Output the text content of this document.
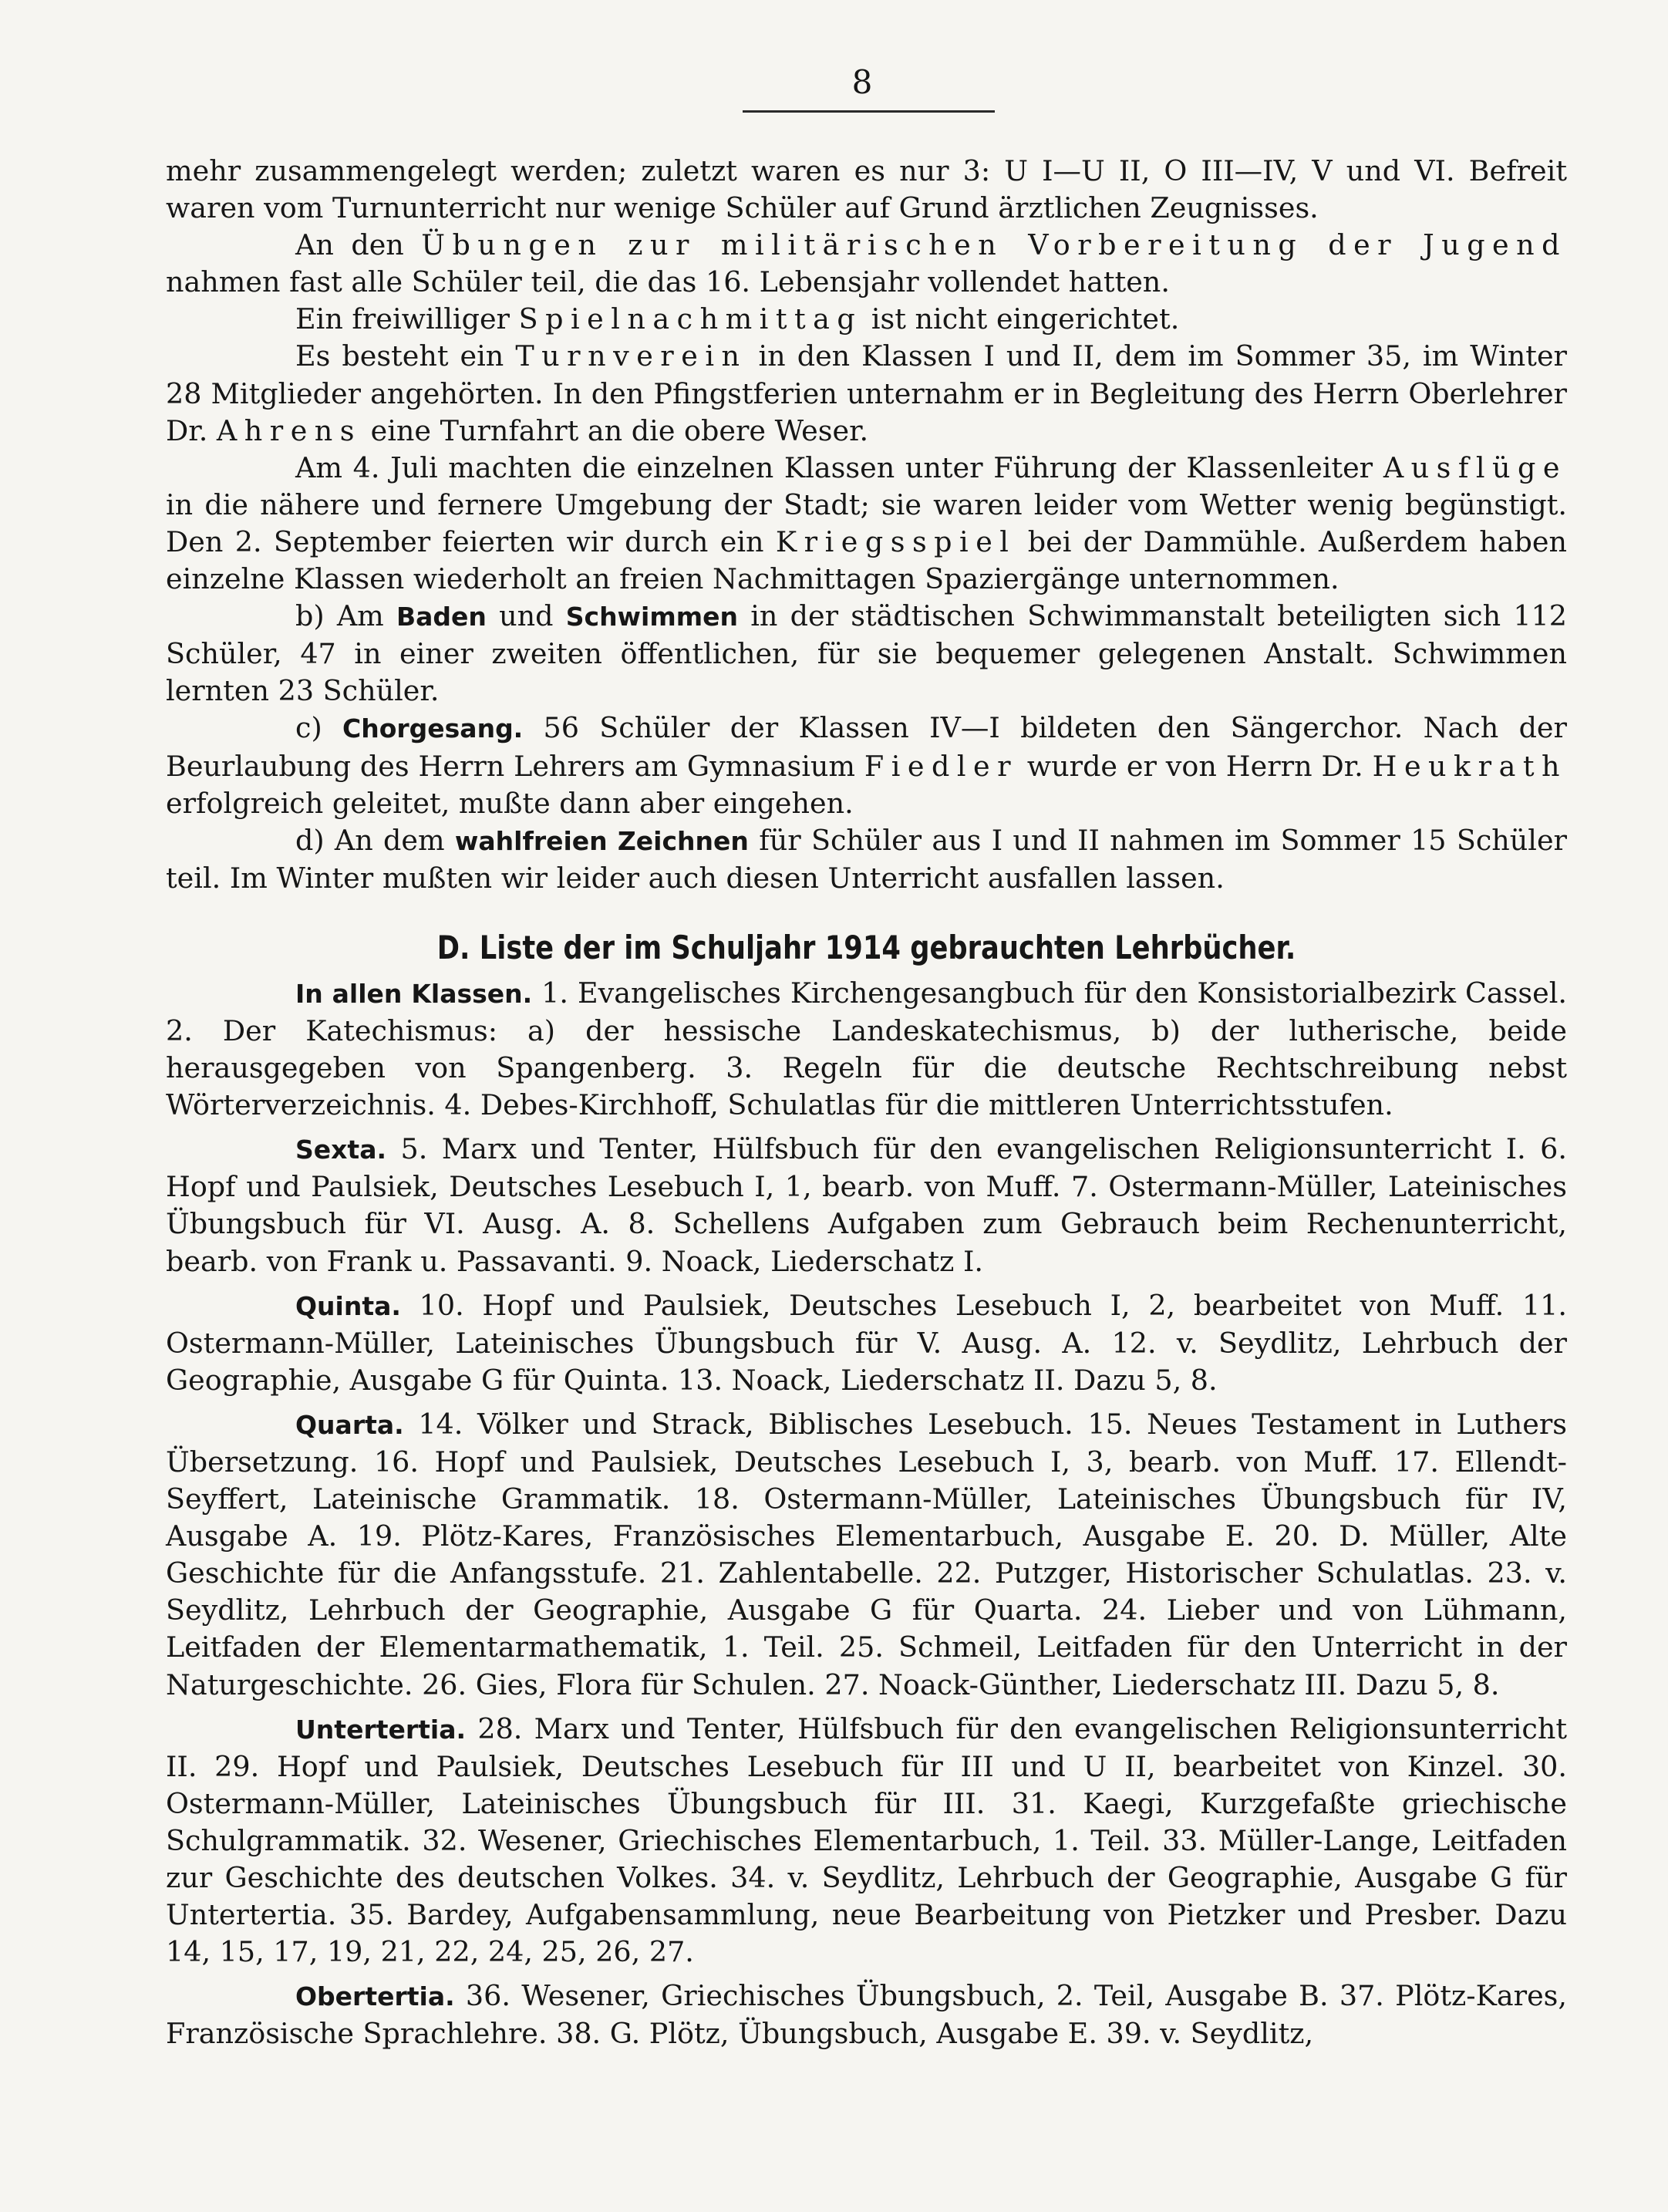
8

mehr zusammengelegt werden; zuletzt waren es nur 3: U I—U II, O III—IV, V und VI. Befreit waren vom Turnunterricht nur wenige Schüler auf Grund ärztlichen Zeugnisses.

An den Übungen zur militärischen Vorbereitung der Jugend nahmen fast alle Schüler teil, die das 16. Lebensjahr vollendet hatten.

Ein freiwilliger Spielnachmittag ist nicht eingerichtet.

Es besteht ein Turnverein in den Klassen I und II, dem im Sommer 35, im Winter 28 Mitglieder angehörten. In den Pfingstferien unternahm er in Begleitung des Herrn Oberlehrer Dr. Ahrens eine Turnfahrt an die obere Weser.

Am 4. Juli machten die einzelnen Klassen unter Führung der Klassenleiter Ausflüge in die nähere und fernere Umgebung der Stadt; sie waren leider vom Wetter wenig begünstigt. Den 2. September feierten wir durch ein Kriegsspiel bei der Dammühle. Außerdem haben einzelne Klassen wiederholt an freien Nachmittagen Spaziergänge unternommen.

b) Am Baden und Schwimmen in der städtischen Schwimmanstalt beteiligten sich 112 Schüler, 47 in einer zweiten öffentlichen, für sie bequemer gelegenen Anstalt. Schwimmen lernten 23 Schüler.

c) Chorgesang. 56 Schüler der Klassen IV—I bildeten den Sängerchor. Nach der Beurlaubung des Herrn Lehrers am Gymnasium Fiedler wurde er von Herrn Dr. Heukrath erfolgreich geleitet, mußte dann aber eingehen.

d) An dem wahlfreien Zeichnen für Schüler aus I und II nahmen im Sommer 15 Schüler teil. Im Winter mußten wir leider auch diesen Unterricht ausfallen lassen.

D. Liste der im Schuljahr 1914 gebrauchten Lehrbücher.

In allen Klassen. 1. Evangelisches Kirchengesangbuch für den Konsistorialbezirk Cassel. 2. Der Katechismus: a) der hessische Landeskatechismus, b) der lutherische, beide herausgegeben von Spangenberg. 3. Regeln für die deutsche Rechtschreibung nebst Wörterverzeichnis. 4. Debes-Kirchhoff, Schulatlas für die mittleren Unterrichtsstufen.

Sexta. 5. Marx und Tenter, Hülfsbuch für den evangelischen Religionsunterricht I. 6. Hopf und Paulsiek, Deutsches Lesebuch I, 1, bearb. von Muff. 7. Ostermann-Müller, Lateinisches Übungsbuch für VI. Ausg. A. 8. Schellens Aufgaben zum Gebrauch beim Rechenunterricht, bearb. von Frank u. Passavanti. 9. Noack, Liederschatz I.

Quinta. 10. Hopf und Paulsiek, Deutsches Lesebuch I, 2, bearbeitet von Muff. 11. Ostermann-Müller, Lateinisches Übungsbuch für V. Ausg. A. 12. v. Seydlitz, Lehrbuch der Geographie, Ausgabe G für Quinta. 13. Noack, Liederschatz II. Dazu 5, 8.

Quarta. 14. Völker und Strack, Biblisches Lesebuch. 15. Neues Testament in Luthers Übersetzung. 16. Hopf und Paulsiek, Deutsches Lesebuch I, 3, bearb. von Muff. 17. Ellendt-Seyffert, Lateinische Grammatik. 18. Ostermann-Müller, Lateinisches Übungsbuch für IV, Ausgabe A. 19. Plötz-Kares, Französisches Elementarbuch, Ausgabe E. 20. D. Müller, Alte Geschichte für die Anfangsstufe. 21. Zahlentabelle. 22. Putzger, Historischer Schulatlas. 23. v. Seydlitz, Lehrbuch der Geographie, Ausgabe G für Quarta. 24. Lieber und von Lühmann, Leitfaden der Elementarmathematik, 1. Teil. 25. Schmeil, Leitfaden für den Unterricht in der Naturgeschichte. 26. Gies, Flora für Schulen. 27. Noack-Günther, Liederschatz III. Dazu 5, 8.

Untertertia. 28. Marx und Tenter, Hülfsbuch für den evangelischen Religionsunterricht II. 29. Hopf und Paulsiek, Deutsches Lesebuch für III und U II, bearbeitet von Kinzel. 30. Ostermann-Müller, Lateinisches Übungsbuch für III. 31. Kaegi, Kurzgefaßte griechische Schulgrammatik. 32. Wesener, Griechisches Elementarbuch, 1. Teil. 33. Müller-Lange, Leitfaden zur Geschichte des deutschen Volkes. 34. v. Seydlitz, Lehrbuch der Geographie, Ausgabe G für Untertertia. 35. Bardey, Aufgabensammlung, neue Bearbeitung von Pietzker und Presber. Dazu 14, 15, 17, 19, 21, 22, 24, 25, 26, 27.

Obertertia. 36. Wesener, Griechisches Übungsbuch, 2. Teil, Ausgabe B. 37. Plötz-Kares, Französische Sprachlehre. 38. G. Plötz, Übungsbuch, Ausgabe E. 39. v. Seydlitz,
